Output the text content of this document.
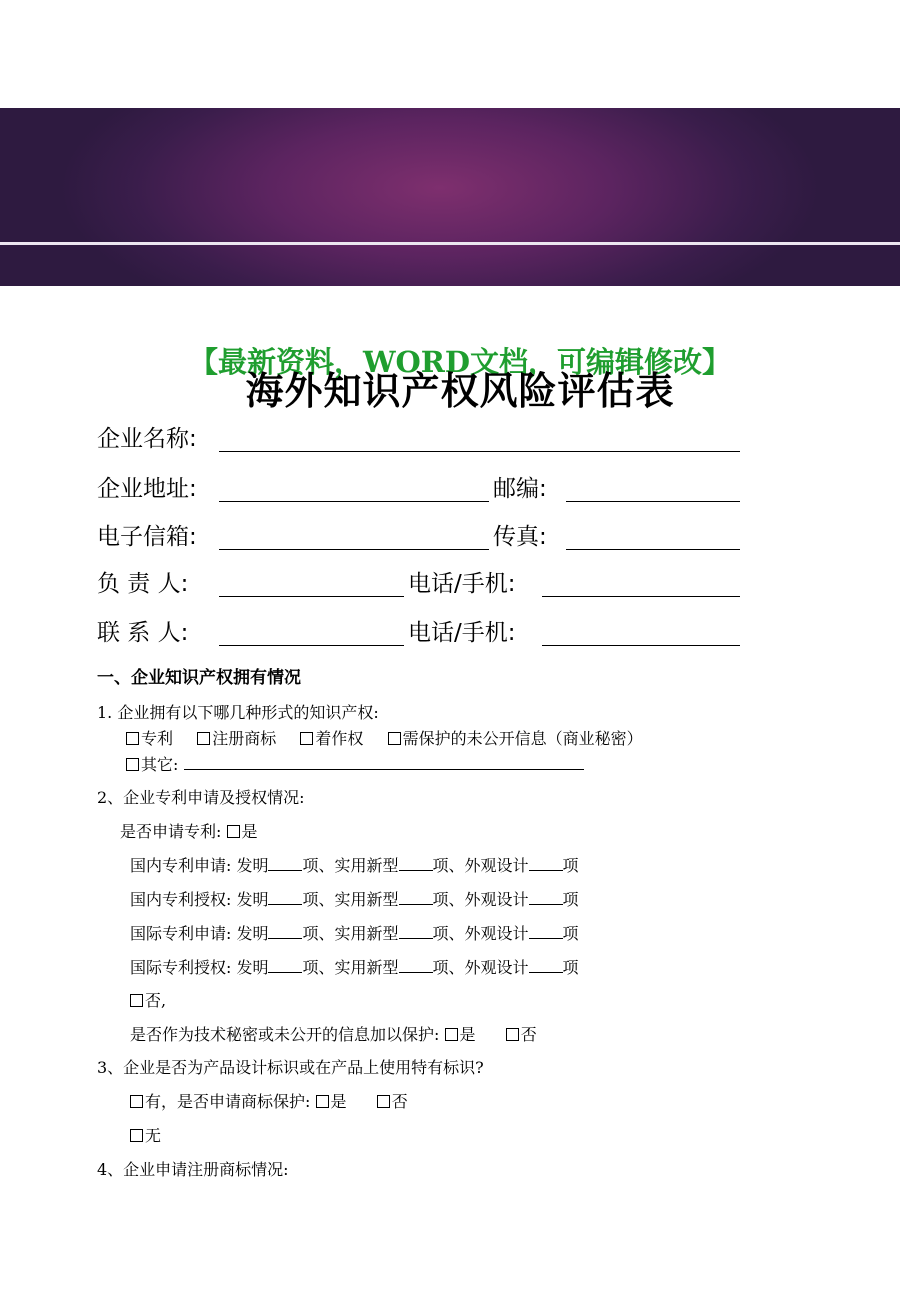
【最新资料，WORD文档，可编辑修改】
海外知识产权风险评估表
企业名称:
企业地址:	邮编:
电子信箱:	传真:
负 责 人:	电话/手机:
联 系 人:	电话/手机:
一、企业知识产权拥有情况
1. 企业拥有以下哪几种形式的知识产权:
专利 注册商标 着作权 需保护的未公开信息（商业秘密）
其它:
2、企业专利申请及授权情况:
是否申请专利: 是
国内专利申请: 发明 项、实用新型 项、外观设计 项
国内专利授权: 发明 项、实用新型 项、外观设计 项
国际专利申请: 发明 项、实用新型 项、外观设计 项
国际专利授权: 发明 项、实用新型 项、外观设计 项
否,
是否作为技术秘密或未公开的信息加以保护: 是	否
3、企业是否为产品设计标识或在产品上使用特有标识?
有，是否申请商标保护: 是	否
无
4、企业申请注册商标情况:
